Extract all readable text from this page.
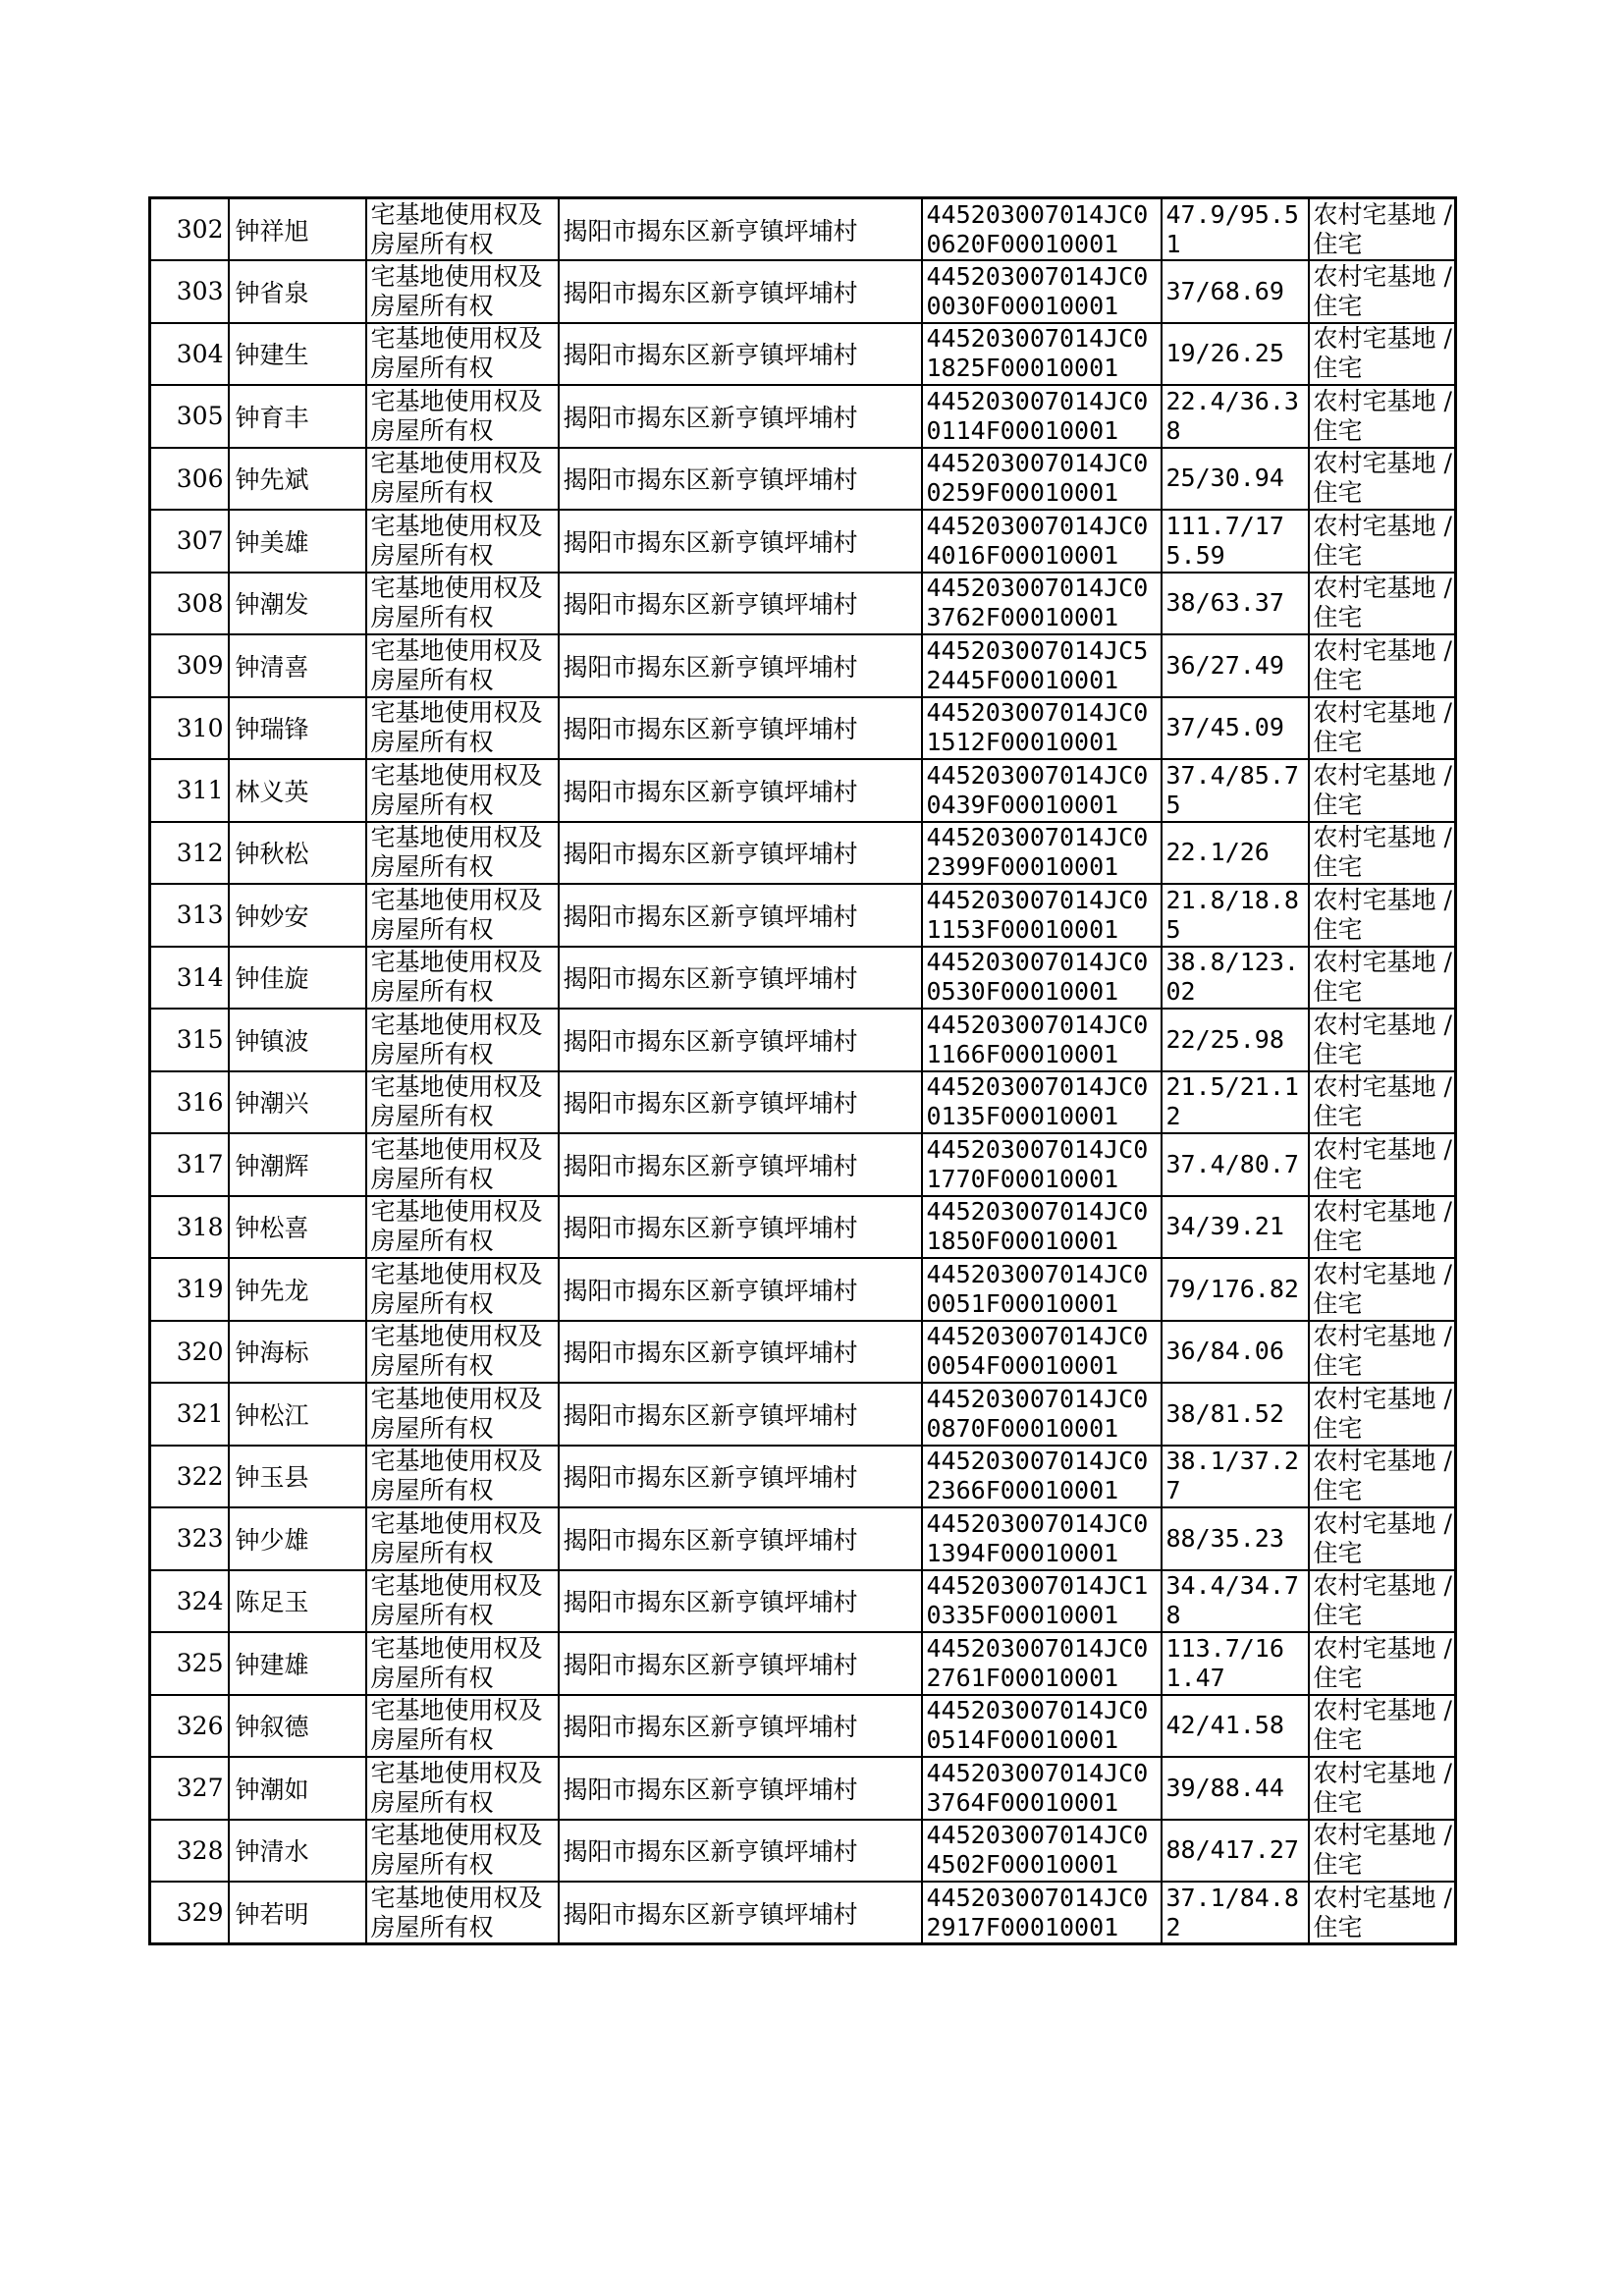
302	钟祥旭	宅基地使用权及房屋所有权	揭阳市揭东区新亨镇坪埔村	445203007014JC00620F00010001	47.9/95.51	农村宅基地 / 住宅

303	钟省泉	宅基地使用权及房屋所有权	揭阳市揭东区新亨镇坪埔村	445203007014JC00030F00010001	37/68.69	农村宅基地 / 住宅

304	钟建生	宅基地使用权及房屋所有权	揭阳市揭东区新亨镇坪埔村	445203007014JC01825F00010001	19/26.25	农村宅基地 / 住宅

305	钟育丰	宅基地使用权及房屋所有权	揭阳市揭东区新亨镇坪埔村	445203007014JC00114F00010001	22.4/36.38	农村宅基地 / 住宅

306	钟先斌	宅基地使用权及房屋所有权	揭阳市揭东区新亨镇坪埔村	445203007014JC00259F00010001	25/30.94	农村宅基地 / 住宅

307	钟美雄	宅基地使用权及房屋所有权	揭阳市揭东区新亨镇坪埔村	445203007014JC04016F00010001	111.7/175.59	农村宅基地 / 住宅

308	钟潮发	宅基地使用权及房屋所有权	揭阳市揭东区新亨镇坪埔村	445203007014JC03762F00010001	38/63.37	农村宅基地 / 住宅

309	钟清喜	宅基地使用权及房屋所有权	揭阳市揭东区新亨镇坪埔村	445203007014JC52445F00010001	36/27.49	农村宅基地 / 住宅

310	钟瑞锋	宅基地使用权及房屋所有权	揭阳市揭东区新亨镇坪埔村	445203007014JC01512F00010001	37/45.09	农村宅基地 / 住宅

311	林义英	宅基地使用权及房屋所有权	揭阳市揭东区新亨镇坪埔村	445203007014JC00439F00010001	37.4/85.75	农村宅基地 / 住宅

312	钟秋松	宅基地使用权及房屋所有权	揭阳市揭东区新亨镇坪埔村	445203007014JC02399F00010001	22.1/26	农村宅基地 / 住宅

313	钟妙安	宅基地使用权及房屋所有权	揭阳市揭东区新亨镇坪埔村	445203007014JC01153F00010001	21.8/18.85	农村宅基地 / 住宅

314	钟佳旋	宅基地使用权及房屋所有权	揭阳市揭东区新亨镇坪埔村	445203007014JC00530F00010001	38.8/123.02	农村宅基地 / 住宅

315	钟镇波	宅基地使用权及房屋所有权	揭阳市揭东区新亨镇坪埔村	445203007014JC01166F00010001	22/25.98	农村宅基地 / 住宅

316	钟潮兴	宅基地使用权及房屋所有权	揭阳市揭东区新亨镇坪埔村	445203007014JC00135F00010001	21.5/21.12	农村宅基地 / 住宅

317	钟潮辉	宅基地使用权及房屋所有权	揭阳市揭东区新亨镇坪埔村	445203007014JC01770F00010001	37.4/80.7	农村宅基地 / 住宅

318	钟松喜	宅基地使用权及房屋所有权	揭阳市揭东区新亨镇坪埔村	445203007014JC01850F00010001	34/39.21	农村宅基地 / 住宅

319	钟先龙	宅基地使用权及房屋所有权	揭阳市揭东区新亨镇坪埔村	445203007014JC00051F00010001	79/176.82	农村宅基地 / 住宅

320	钟海标	宅基地使用权及房屋所有权	揭阳市揭东区新亨镇坪埔村	445203007014JC00054F00010001	36/84.06	农村宅基地 / 住宅

321	钟松江	宅基地使用权及房屋所有权	揭阳市揭东区新亨镇坪埔村	445203007014JC00870F00010001	38/81.52	农村宅基地 / 住宅

322	钟玉县	宅基地使用权及房屋所有权	揭阳市揭东区新亨镇坪埔村	445203007014JC02366F00010001	38.1/37.27	农村宅基地 / 住宅

323	钟少雄	宅基地使用权及房屋所有权	揭阳市揭东区新亨镇坪埔村	445203007014JC01394F00010001	88/35.23	农村宅基地 / 住宅

324	陈足玉	宅基地使用权及房屋所有权	揭阳市揭东区新亨镇坪埔村	445203007014JC10335F00010001	34.4/34.78	农村宅基地 / 住宅

325	钟建雄	宅基地使用权及房屋所有权	揭阳市揭东区新亨镇坪埔村	445203007014JC02761F00010001	113.7/161.47	农村宅基地 / 住宅

326	钟叙德	宅基地使用权及房屋所有权	揭阳市揭东区新亨镇坪埔村	445203007014JC00514F00010001	42/41.58	农村宅基地 / 住宅

327	钟潮如	宅基地使用权及房屋所有权	揭阳市揭东区新亨镇坪埔村	445203007014JC03764F00010001	39/88.44	农村宅基地 / 住宅

328	钟清水	宅基地使用权及房屋所有权	揭阳市揭东区新亨镇坪埔村	445203007014JC04502F00010001	88/417.27	农村宅基地 / 住宅

329	钟若明	宅基地使用权及房屋所有权	揭阳市揭东区新亨镇坪埔村	445203007014JC02917F00010001	37.1/84.82	农村宅基地 / 住宅
